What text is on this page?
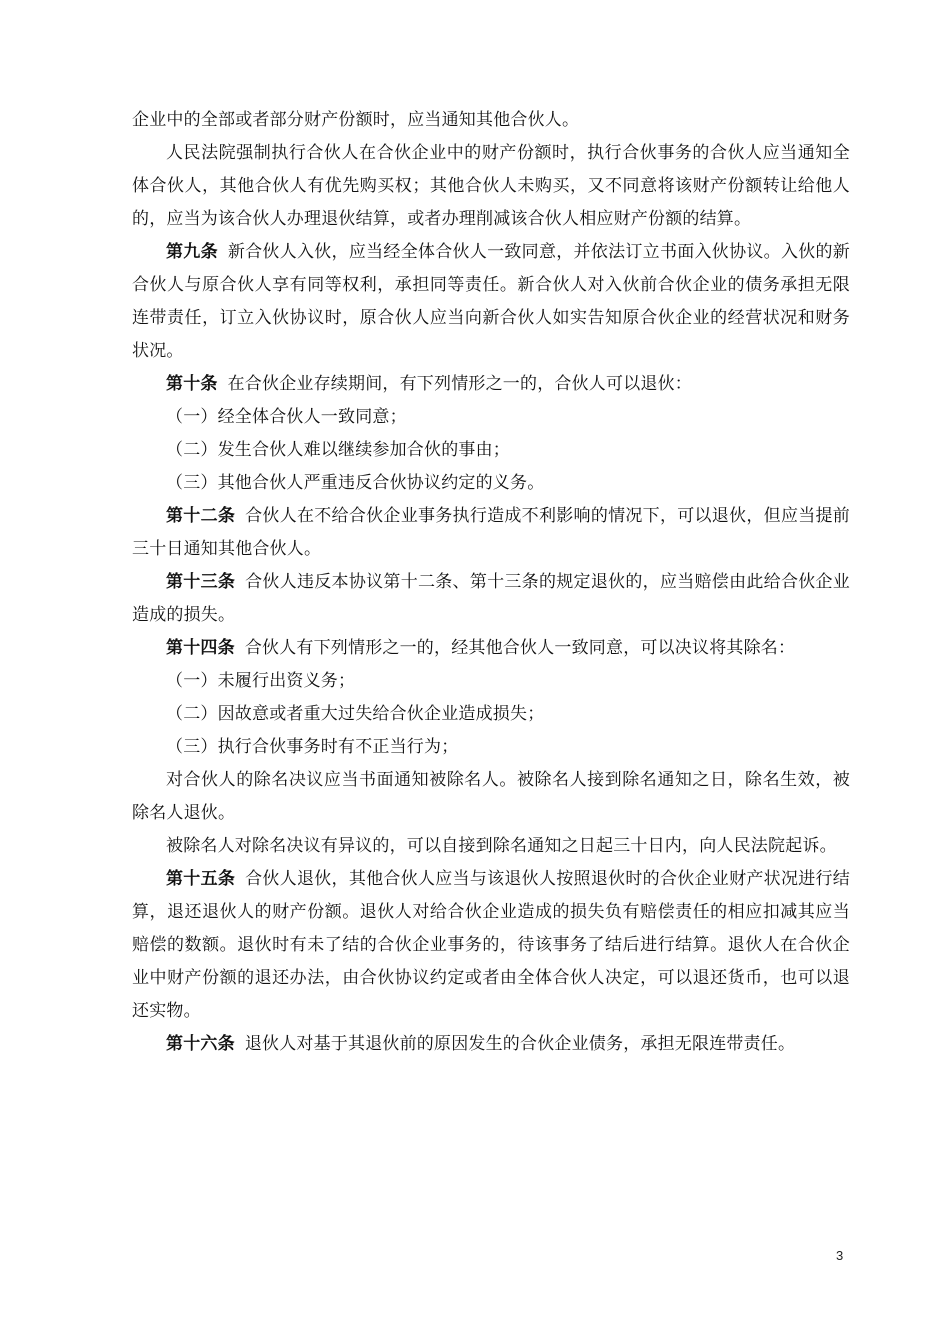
企业中的全部或者部分财产份额时，应当通知其他合伙人。

人民法院强制执行合伙人在合伙企业中的财产份额时，执行合伙事务的合伙人应当通知全体合伙人，其他合伙人有优先购买权；其他合伙人未购买，又不同意将该财产份额转让给他人的，应当为该合伙人办理退伙结算，或者办理削减该合伙人相应财产份额的结算。

第九条 新合伙人入伙，应当经全体合伙人一致同意，并依法订立书面入伙协议。入伙的新合伙人与原合伙人享有同等权利，承担同等责任。新合伙人对入伙前合伙企业的债务承担无限连带责任，订立入伙协议时，原合伙人应当向新合伙人如实告知原合伙企业的经营状况和财务状况。

第十条 在合伙企业存续期间，有下列情形之一的，合伙人可以退伙：

（一）经全体合伙人一致同意；

（二）发生合伙人难以继续参加合伙的事由；

（三）其他合伙人严重违反合伙协议约定的义务。

第十二条 合伙人在不给合伙企业事务执行造成不利影响的情况下，可以退伙，但应当提前三十日通知其他合伙人。

第十三条 合伙人违反本协议第十二条、第十三条的规定退伙的，应当赔偿由此给合伙企业造成的损失。

第十四条 合伙人有下列情形之一的，经其他合伙人一致同意，可以决议将其除名：

（一）未履行出资义务；

（二）因故意或者重大过失给合伙企业造成损失；

（三）执行合伙事务时有不正当行为；

对合伙人的除名决议应当书面通知被除名人。被除名人接到除名通知之日，除名生效，被除名人退伙。

被除名人对除名决议有异议的，可以自接到除名通知之日起三十日内，向人民法院起诉。

第十五条 合伙人退伙，其他合伙人应当与该退伙人按照退伙时的合伙企业财产状况进行结算，退还退伙人的财产份额。退伙人对给合伙企业造成的损失负有赔偿责任的相应扣减其应当赔偿的数额。退伙时有未了结的合伙企业事务的，待该事务了结后进行结算。退伙人在合伙企业中财产份额的退还办法，由合伙协议约定或者由全体合伙人决定，可以退还货币，也可以退还实物。

第十六条 退伙人对基于其退伙前的原因发生的合伙企业债务，承担无限连带责任。

3
